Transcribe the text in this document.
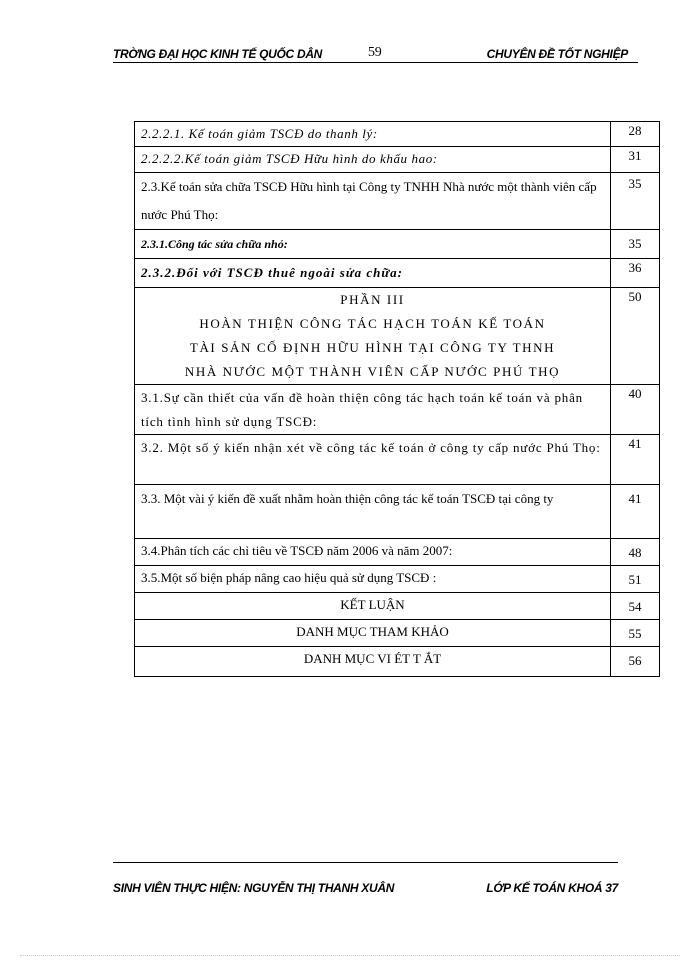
TRỜNG ĐẠI HỌC KINH TẾ QUỐC DÂN	59	CHUYÊN ĐỀ TỐT NGHIỆP
2.2.2.1. Kế toán giảm TSCĐ do thanh lý:	28
2.2.2.2.Kế toán giảm TSCĐ Hữu hình do khấu hao:	31
2.3.Kế toán sửa chữa TSCĐ Hữu hình tại Công ty TNHH Nhà nước một thành viên cấp nước Phú Thọ:	35
2.3.1.Công tác sửa chữa nhỏ:	35
2.3.2.Đối với TSCĐ thuê ngoài sửa chữa:	36

PHẦN III
HOÀN THIỆN CÔNG TÁC HẠCH TOÁN KẾ TOÁN
TÀI SẢN CỐ ĐỊNH HỮU HÌNH TẠI CÔNG TY THNH
NHÀ NƯỚC MỘT THÀNH VIÊN CẤP NƯỚC PHÚ THỌ	50
3.1.Sự cần thiết của vấn đề hoàn thiện công tác hạch toán kế toán và phân tích tình hình sử dụng TSCĐ:	40
3.2. Một số ý kiến nhận xét về công tác kế toán ở công ty cấp nước Phú Thọ:	41
3.3. Một vài ý kiến đề xuất nhằm hoàn thiện công tác kế toán TSCĐ tại công ty	41
3.4.Phân tích các chỉ tiêu về TSCĐ năm 2006 và năm 2007:	48
3.5.Một số biện pháp nâng cao hiệu quả sử dụng TSCĐ :	51
KẾT LUẬN	54
DANH MỤC THAM KHẢO	55
DANH MỤC VI ÉT T ẮT	56
SINH VIÊN THỰC HIỆN: NGUYỄN THỊ THANH XUÂN	LỚP KẾ TOÁN KHOÁ 37
